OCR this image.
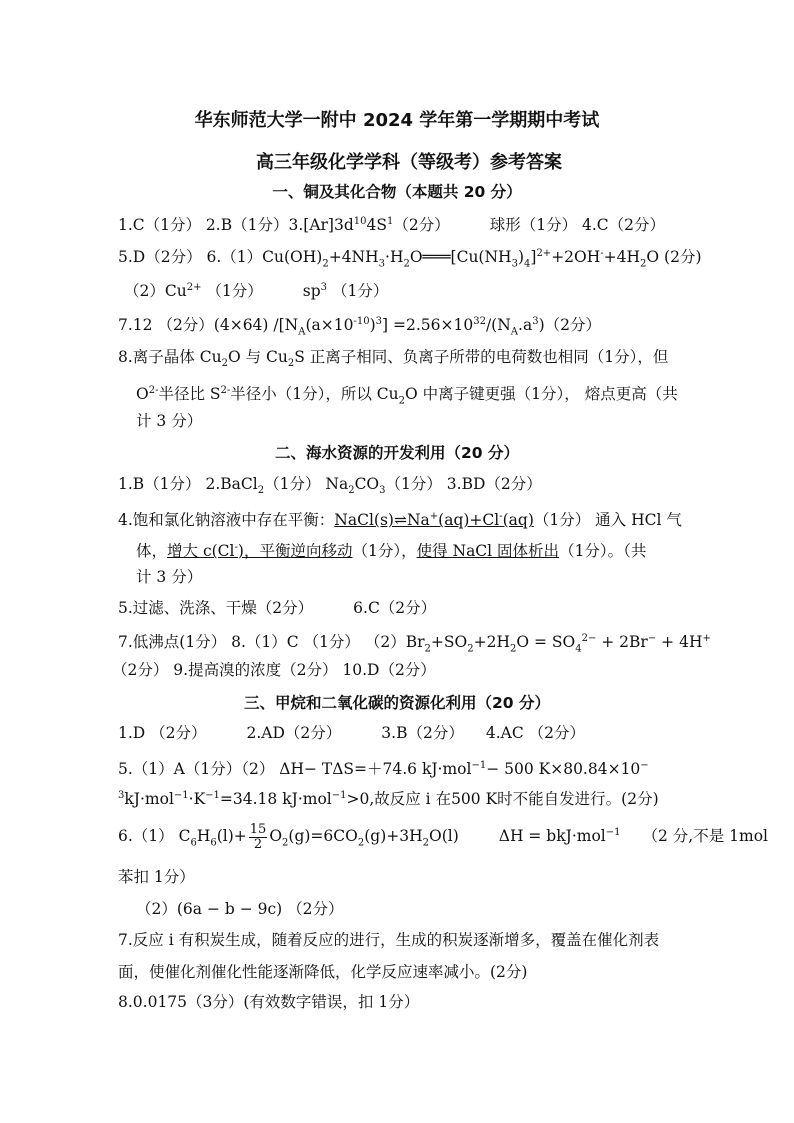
华东师范大学一附中 2024 学年第一学期期中考试
高三年级化学学科（等级考）参考答案
一、铜及其化合物（本题共 20 分）
1.C（1分） 2.B（1分）$3.[Ar]3d^{10}4S^1(2$分）	球形（1分） 4.C（2分）
5.D（2分） $6.(1)Cu(OH)_2+4NH_3\cdot H_2O═══[Cu(NH_3)_4]^{2+}+2OH^-+4H_2O$ (2分)
$(2)Cu^{2+}$ （1分）	$sp^3$ （1分）
7.12 （2分）(4×64) $/[N_A(a\times 10^{-10})^3] =2.56\times 10^{32}/(N_A.a^3)(2$分）
8.离子晶体 $Cu_2O$ 与 $Cu_2S$ 正离子相同、负离子所带的电荷数也相同（1分），但
$O^{2-}$半径比 $S^{2-}$半径小（1分），所以 $Cu_2O$ 中离子键更强（1分）， 熔点更高（共
计 3 分）
二、海水资源的开发利用（20 分）
1.B（1分） 2.BaCl$_2$（1分） $Na_2CO_3(1$分） 3.BD（2分）
4.饱和氯化钠溶液中存在平衡：NaCl(s)⇌Na+(aq)+Cl-(aq)（1分） 通入 HCl 气
体，增大 c(Cl-)，平衡逆向移动（1分），使得 NaCl 固体析出（1分）。（共
计 3 分）
5.过滤、洗涤、干燥（2分）	6.C（2分）
7.低沸点(1分） 8.（1）C （1分） $(2)Br_2+SO_2+2H_2O = SO_4^{2-} + 2Br^- + 4H^+$
（2分） 9.提高溴的浓度（2分） 10.D（2分）
三、甲烷和二氧化碳的资源化利用（20 分）
1.D （2分）	2.AD（2分）	3.B（2分） 4.AC （2分）
5.（1）A（1分）（2） ΔH− TΔS=＋74.6 kJ·mol$^{-1}$− 500 K×80.84×10−
$^3kJ\cdot mol^{-1}\cdot K^{-1}=34.18$ kJ·mol$^{-1}$>0,故反应 i 在500 K时不能自发进行。(2分)
6.（1） $C_6H_6(l)+ \frac{15}{2} O_2(g)=6CO_2(g)+3H_2O(l)$	ΔH = bkJ·mol$^{-1}$ （2 分,不是 1mol
苯扣 1分）
（2）(6a − b − 9c) （2分）
7.反应 i 有积炭生成，随着反应的进行，生成的积炭逐渐增多，覆盖在催化剂表
面，使催化剂催化性能逐渐降低，化学反应速率减小。(2分)
8.0.0175（3分）(有效数字错误，扣 1分）
